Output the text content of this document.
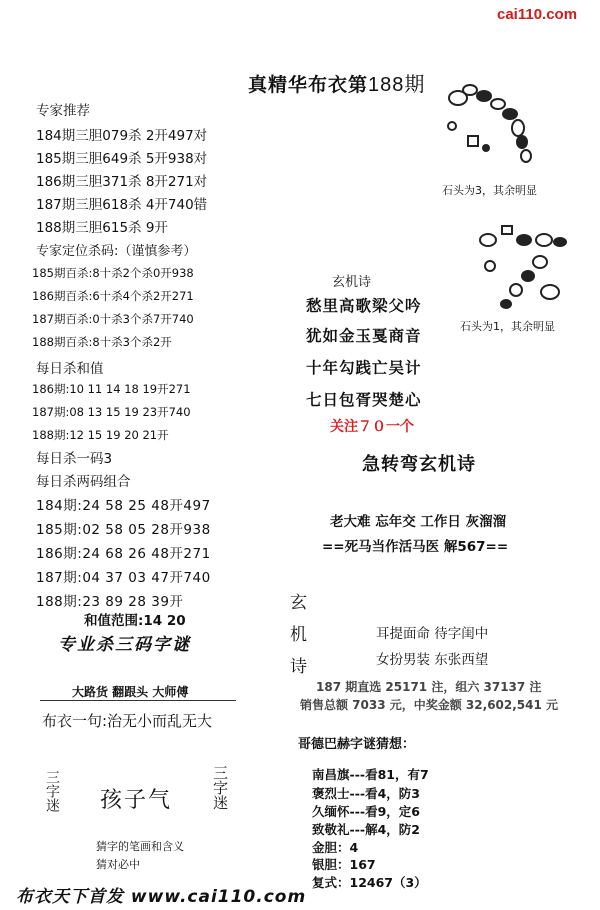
cai110.com
真精华布衣第188期
专家推荐
184期三胆079杀 2开497对
185期三胆649杀 5开938对
186期三胆371杀 8开271对
187期三胆618杀 4开740错
188期三胆615杀 9开
专家定位杀码:（谨慎参考）
185期百杀:8十杀2个杀0开938
186期百杀:6十杀4个杀2开271
187期百杀:0十杀3个杀7开740
188期百杀:8十杀3个杀2开
每日杀和值
186期:10 11 14 18 19开271
187期:08 13 15 19 23开740
188期:12 15 19 20 21开
每日杀一码3
每日杀两码组合
184期:24 58 25 48开497
185期:02 58 05 28开938
186期:24 68 26 48开271
187期:04 37 03 47开740
188期:23 89 28 39开
和值范围:14 20
专业杀三码字谜
大路货 翻跟头 大师傅
布衣一句:治无小而乱无大
三字迷 孩子气	三字迷
猜字的笔画和含义
猜对必中
布衣天下首发 www.cai110.com
石头为3，其余明显
石头为1，其余明显
玄机诗
愁里高歌梁父吟
犹如金玉戛商音
十年勾践亡吴计
七日包胥哭楚心
关注７０一个
急转弯玄机诗
老大难 忘年交 工作日 灰溜溜
==死马当作活马医 解567==
玄
机
诗
耳提面命 待字闺中
女扮男装 东张西望
187 期直选 25171 注，组六 37137 注
销售总额 7033 元，中奖金额 32,602,541 元
哥德巴赫字谜猜想：
南昌旗---看81，有7
褒烈士---看4，防3
久缅怀---看9，定6
致敬礼---解4，防2
金胆：4
银胆：167
复式：12467（3）
